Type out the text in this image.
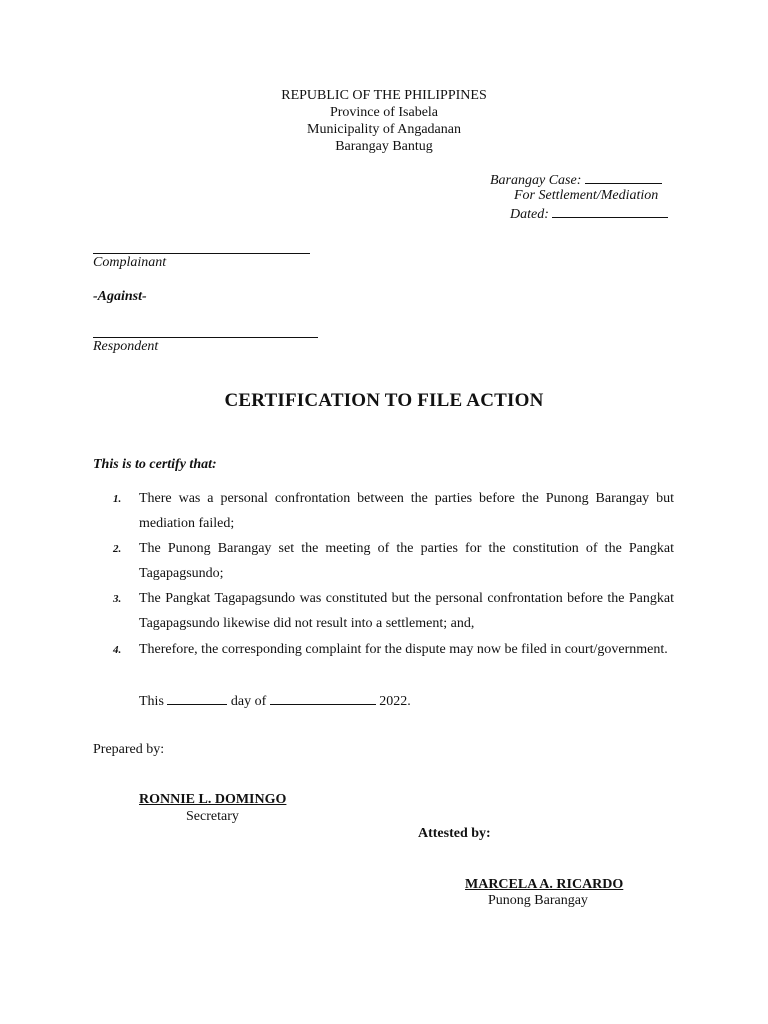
REPUBLIC OF THE PHILIPPINES
Province of Isabela
Municipality of Angadanan
Barangay Bantug
Barangay Case:
For Settlement/Mediation
Dated:
Complainant
-Against-
Respondent
CERTIFICATION TO FILE ACTION
This is to certify that:
1. There was a personal confrontation between the parties before the Punong Barangay but mediation failed;
2. The Punong Barangay set the meeting of the parties for the constitution of the Pangkat Tagapagsundo;
3. The Pangkat Tagapagsundo was constituted but the personal confrontation before the Pangkat Tagapagsundo likewise did not result into a settlement; and,
4. Therefore, the corresponding complaint for the dispute may now be filed in court/government.
This	day of	2022.
Prepared by:
RONNIE L. DOMINGO
Secretary
Attested by:
MARCELA A. RICARDO
Punong Barangay
